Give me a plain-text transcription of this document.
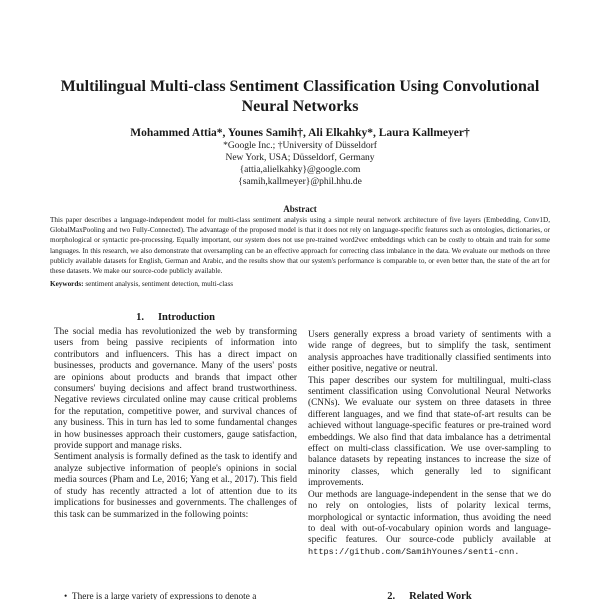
Multilingual Multi-class Sentiment Classification Using Convolutional Neural Networks
Mohammed Attia*, Younes Samih†, Ali Elkahky*, Laura Kallmeyer†
*Google Inc.; †University of Düsseldorf
New York, USA; Düsseldorf, Germany
{attia,alielkahky}@google.com
{samih,kallmeyer}@phil.hhu.de
Abstract
This paper describes a language-independent model for multi-class sentiment analysis using a simple neural network architecture of five layers (Embedding, Conv1D, GlobalMaxPooling and two Fully-Connected). The advantage of the proposed model is that it does not rely on language-specific features such as ontologies, dictionaries, or morphological or syntactic pre-processing. Equally important, our system does not use pre-trained word2vec embeddings which can be costly to obtain and train for some languages. In this research, we also demonstrate that oversampling can be an effective approach for correcting class imbalance in the data. We evaluate our methods on three publicly available datasets for English, German and Arabic, and the results show that our system's performance is comparable to, or even better than, the state of the art for these datasets. We make our source-code publicly available.
Keywords: sentiment analysis, sentiment detection, multi-class
1. Introduction

The social media has revolutionized the web by transforming users from being passive recipients of information into contributors and influencers. This has a direct impact on businesses, products and governance. Many of the users' posts are opinions about products and brands that impact other consumers' buying decisions and affect brand trustworthiness. Negative reviews circulated online may cause critical problems for the reputation, competitive power, and survival chances of any business. This in turn has led to some fundamental changes in how businesses approach their customers, gauge satisfaction, provide support and manage risks.

Sentiment analysis is formally defined as the task to identify and analyze subjective information of people's opinions in social media sources (Pham and Le, 2016; Yang et al., 2017). This field of study has recently attracted a lot of attention due to its implications for businesses and governments. The challenges of this task can be summarized in the following points:

•  There is a large variety of expressions to denote a

Users generally express a broad variety of sentiments with a wide range of degrees, but to simplify the task, sentiment analysis approaches have traditionally classified sentiments into either positive, negative or neutral.

This paper describes our system for multilingual, multi-class sentiment classification using Convolutional Neural Networks (CNNs). We evaluate our system on three datasets in three different languages, and we find that state-of-art results can be achieved without language-specific features or pre-trained word embeddings. We also find that data imbalance has a detrimental effect on multi-class classification. We use over-sampling to balance datasets by repeating instances to increase the size of minority classes, which generally led to significant improvements.

Our methods are language-independent in the sense that we do no rely on ontologies, lists of polarity lexical terms, morphological or syntactic information, thus avoiding the need to deal with out-of-vocabulary opinion words and language-specific features. Our source-code publicly available at https://github.com/SamihYounes/senti-cnn.

2. Related Work
